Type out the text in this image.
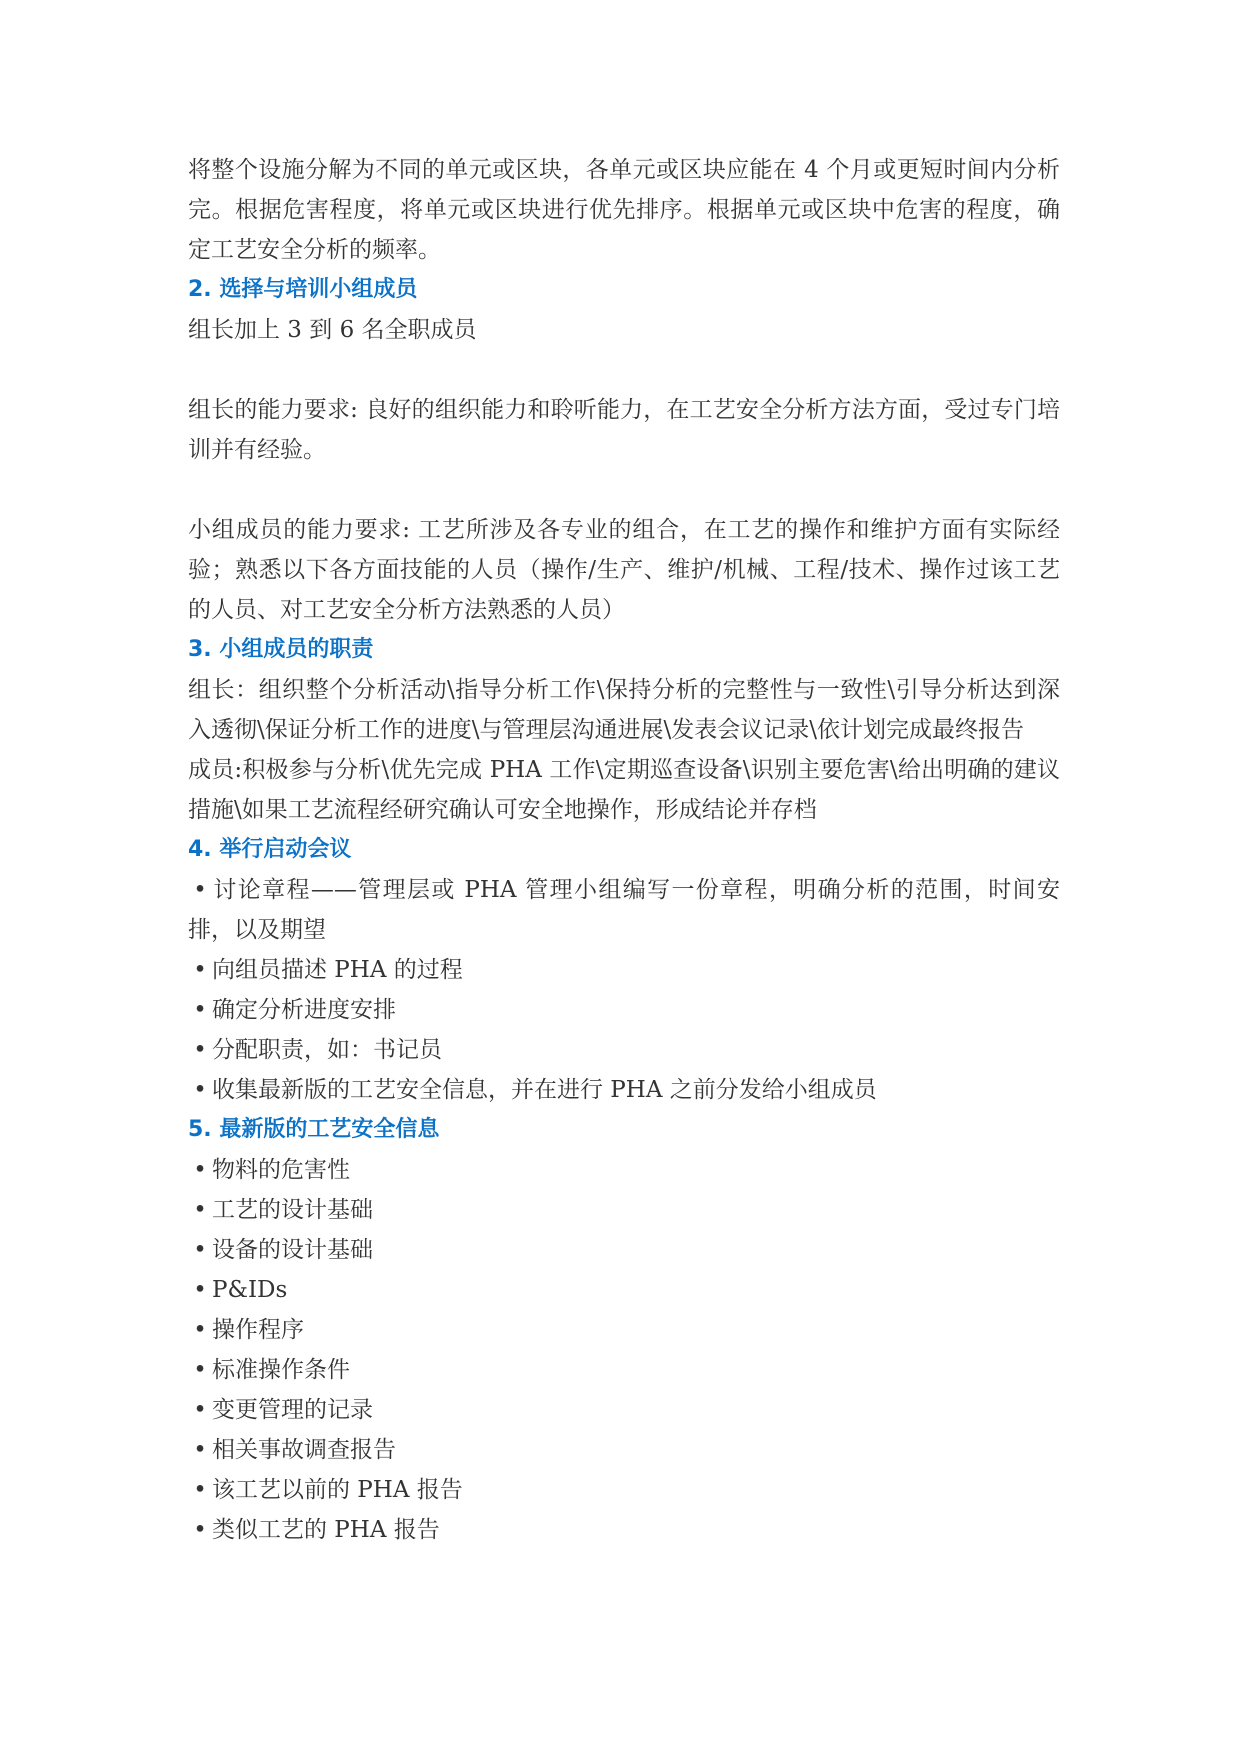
将整个设施分解为不同的单元或区块，各单元或区块应能在 4 个月或更短时间内分析完。根据危害程度，将单元或区块进行优先排序。根据单元或区块中危害的程度，确定工艺安全分析的频率。

2. 选择与培训小组成员

组长加上 3 到 6 名全职成员

组长的能力要求: 良好的组织能力和聆听能力，在工艺安全分析方法方面，受过专门培训并有经验。

小组成员的能力要求: 工艺所涉及各专业的组合，在工艺的操作和维护方面有实际经验；熟悉以下各方面技能的人员（操作/生产、维护/机械、工程/技术、操作过该工艺的人员、对工艺安全分析方法熟悉的人员）

3. 小组成员的职责

组长：组织整个分析活动\指导分析工作\保持分析的完整性与一致性\引导分析达到深入透彻\保证分析工作的进度\与管理层沟通进展\发表会议记录\依计划完成最终报告

成员:积极参与分析\优先完成 PHA 工作\定期巡查设备\识别主要危害\给出明确的建议措施\如果工艺流程经研究确认可安全地操作，形成结论并存档

4. 举行启动会议
• 讨论章程——管理层或 PHA 管理小组编写一份章程，明确分析的范围，时间安排，以及期望
• 向组员描述 PHA 的过程
• 确定分析进度安排
• 分配职责，如：书记员
• 收集最新版的工艺安全信息，并在进行 PHA 之前分发给小组成员
5. 最新版的工艺安全信息
• 物料的危害性
• 工艺的设计基础
• 设备的设计基础
• P&IDs
• 操作程序
• 标准操作条件
• 变更管理的记录
• 相关事故调查报告
• 该工艺以前的 PHA 报告
• 类似工艺的 PHA 报告
